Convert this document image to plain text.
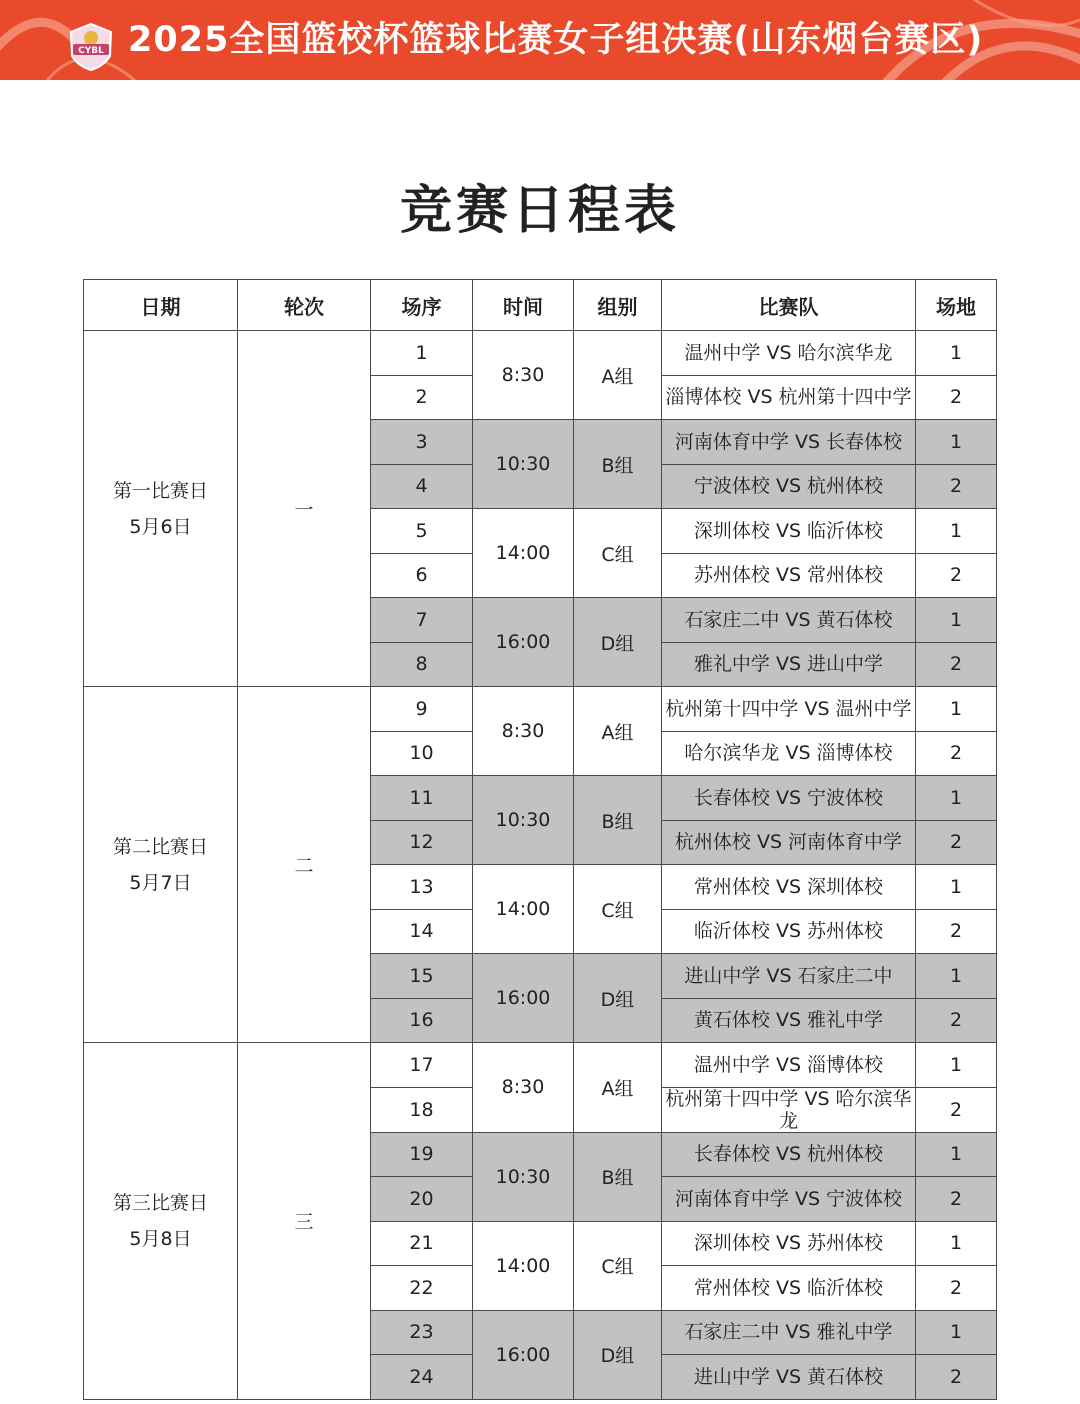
CYBL 2025全国篮校杯篮球比赛女子组决赛(山东烟台赛区)
竞赛日程表
日期	轮次	场序	时间	组别	比赛队	场地

第一比赛日
5月6日	一	1	8:30	A组	温州中学 VS 哈尔滨华龙	1
		2			淄博体校 VS 杭州第十四中学	2
		3	10:30	B组	河南体育中学 VS 长春体校	1
		4			宁波体校 VS 杭州体校	2
		5	14:00	C组	深圳体校 VS 临沂体校	1
		6			苏州体校 VS 常州体校	2
		7	16:00	D组	石家庄二中 VS 黄石体校	1
		8			雅礼中学 VS 进山中学	2

第二比赛日
5月7日	二	9	8:30	A组	杭州第十四中学 VS 温州中学	1
		10			哈尔滨华龙 VS 淄博体校	2
		11	10:30	B组	长春体校 VS 宁波体校	1
		12			杭州体校 VS 河南体育中学	2
		13	14:00	C组	常州体校 VS 深圳体校	1
		14			临沂体校 VS 苏州体校	2
		15	16:00	D组	进山中学 VS 石家庄二中	1
		16			黄石体校 VS 雅礼中学	2

第三比赛日
5月8日	三	17	8:30	A组	温州中学 VS 淄博体校	1
		18			杭州第十四中学 VS 哈尔滨华龙	2
		19	10:30	B组	长春体校 VS 杭州体校	1
		20			河南体育中学 VS 宁波体校	2
		21	14:00	C组	深圳体校 VS 苏州体校	1
		22			常州体校 VS 临沂体校	2
		23	16:00	D组	石家庄二中 VS 雅礼中学	1
		24			进山中学 VS 黄石体校	2
